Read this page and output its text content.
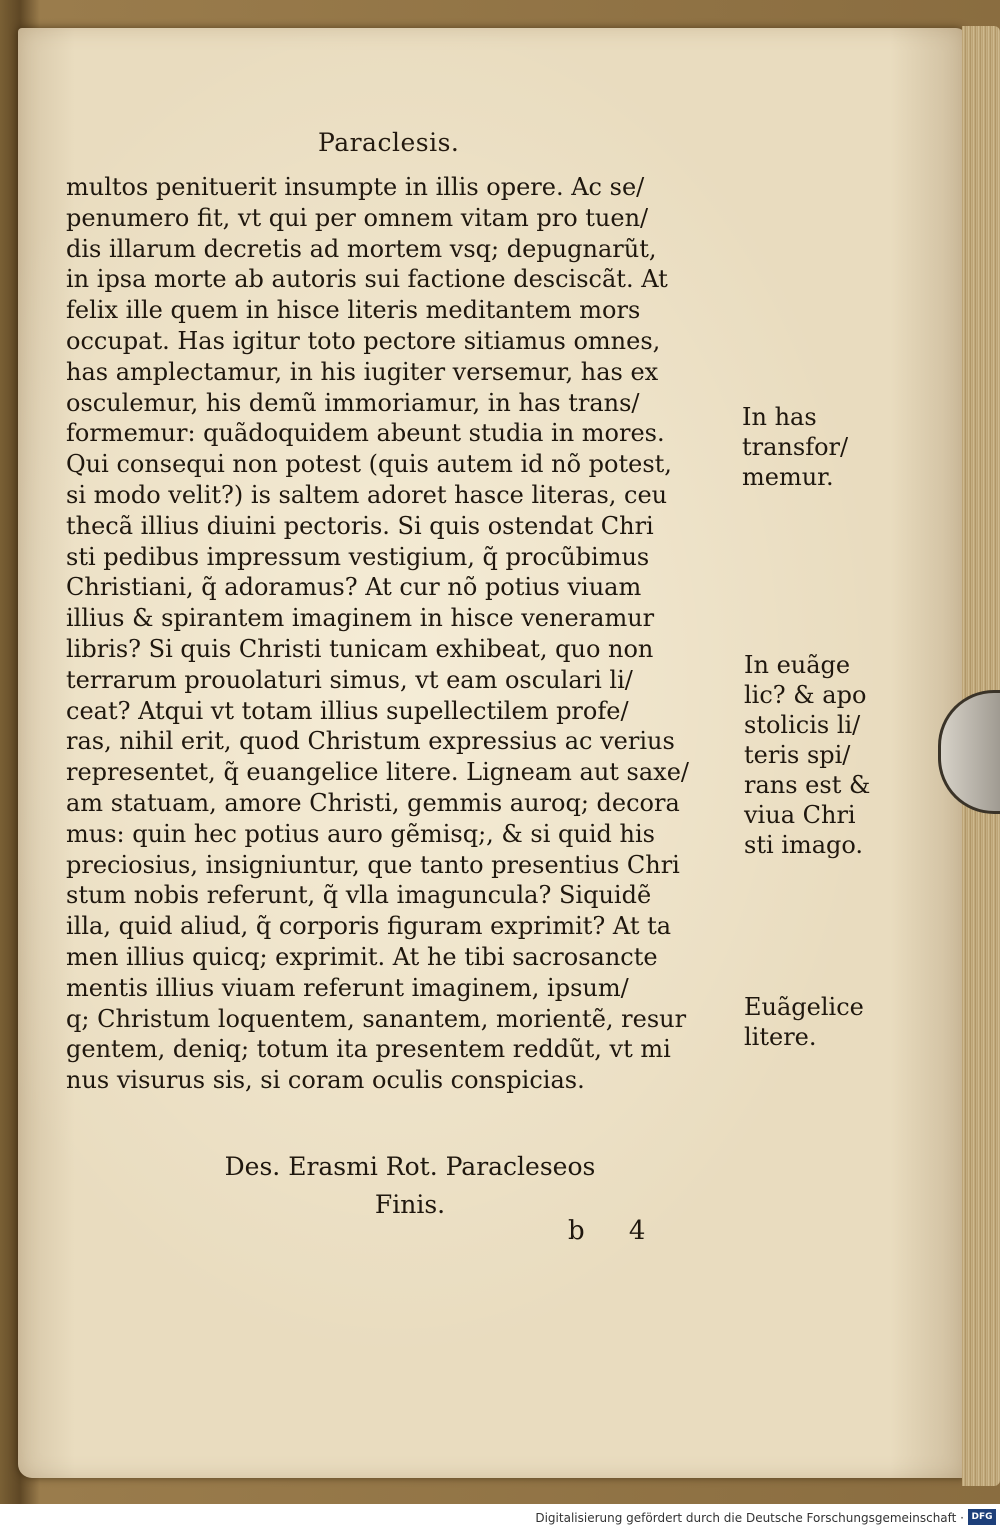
Paraclesis.
multos penituerit insumpte in illis opere. Ac se/
penumero fit, vt qui per omnem vitam pro tuen/
dis illarum decretis ad mortem vsq; depugnarũt,
in ipsa morte ab autoris sui factione desciscãt. At
felix ille quem in hisce literis meditantem mors
occupat. Has igitur toto pectore sitiamus omnes,
has amplectamur, in his iugiter versemur, has ex
osculemur, his demũ immoriamur, in has trans/
formemur: quãdoquidem abeunt studia in mores.
Qui consequi non potest (quis autem id nõ potest,
si modo velit?) is saltem adoret hasce literas, ceu
thecã illius diuini pectoris. Si quis ostendat Chri
sti pedibus impressum vestigium, q̃ procũbimus
Christiani, q̃ adoramus? At cur nõ potius viuam
illius & spirantem imaginem in hisce veneramur
libris? Si quis Christi tunicam exhibeat, quo non
terrarum prouolaturi simus, vt eam osculari li/
ceat? Atqui vt totam illius supellectilem profe/
ras, nihil erit, quod Christum expressius ac verius
representet, q̃ euangelice litere. Ligneam aut saxe/
am statuam, amore Christi, gemmis auroq; decora
mus: quin hec potius auro gẽmisq;, & si quid his
preciosius, insigniuntur, que tanto presentius Chri
stum nobis referunt, q̃ vlla imaguncula? Siquidẽ
illa, quid aliud, q̃ corporis figuram exprimit? At ta
men illius quicq; exprimit. At he tibi sacrosancte
mentis illius viuam referunt imaginem, ipsum/
q; Christum loquentem, sanantem, morientẽ, resur
gentem, deniq; totum ita presentem reddũt, vt mi
nus visurus sis, si coram oculis conspicias.
In has
transfor/
memur.
In euãge
lic? & apo
stolicis li/
teris spi/
rans est &
viua Chri
sti imago.
Euãgelice
litere.
Des. Erasmi Rot. Paracleseos
Finis.
b 4
Digitalisierung gefördert durch die Deutsche Forschungsgemeinschaft · DFG
